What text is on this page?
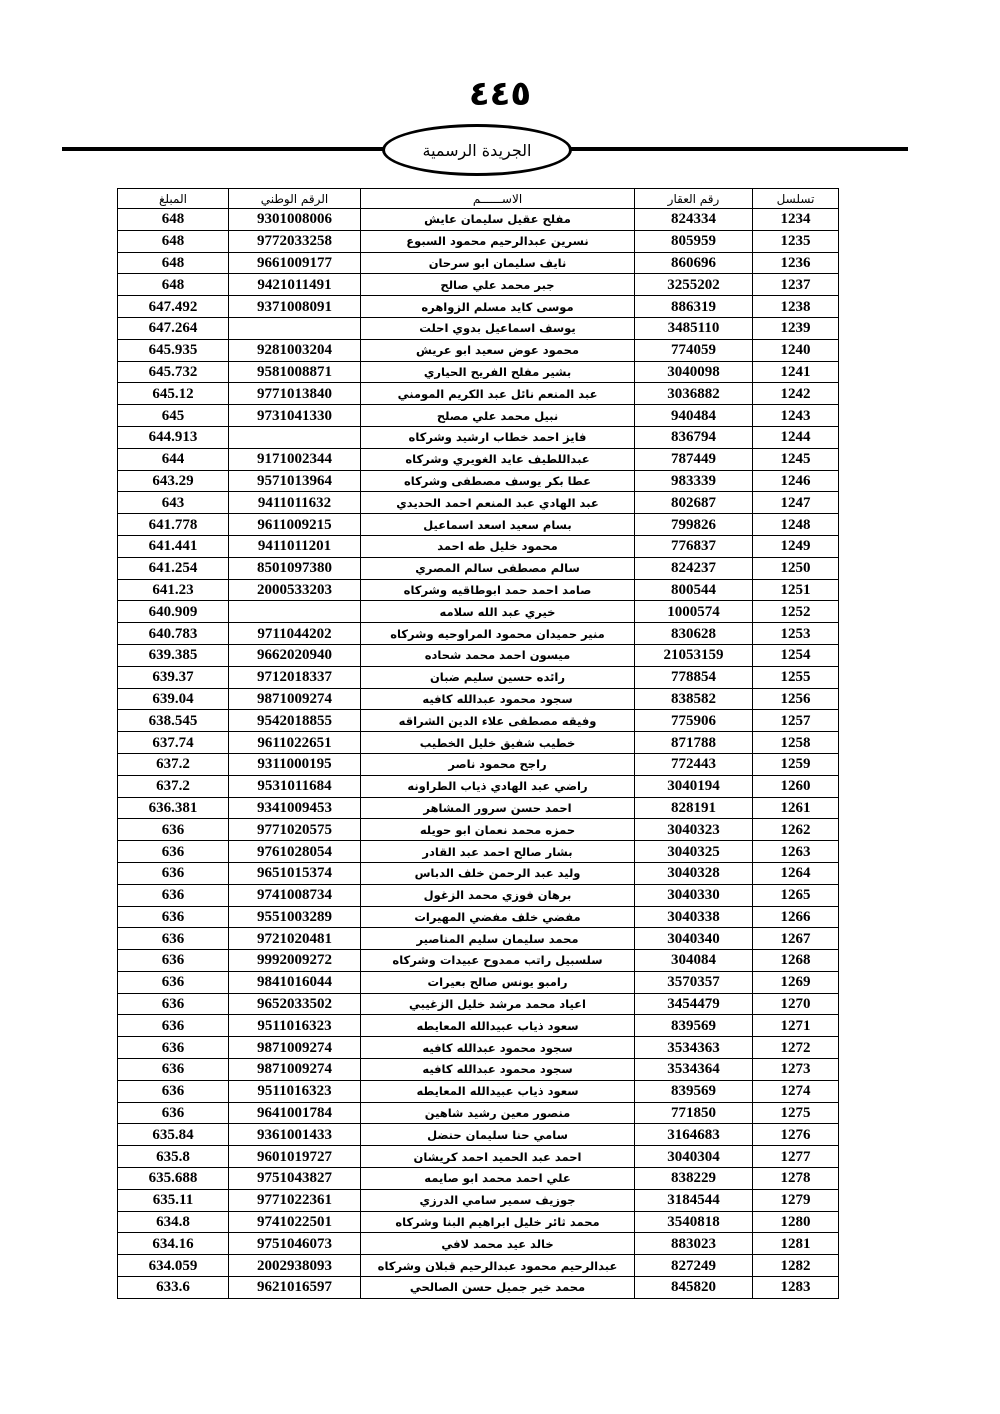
٤٤٥
الجريدة الرسمية
تسلسل	رقم العقار	الاســــــم	الرقم الوطني	المبلغ
1234	824334	مفلح عقيل سليمان عايش	9301008006	648
1235	805959	نسرين عبدالرحيم محمود السبوع	9772033258	648
1236	860696	نايف سليمان ابو سرحان	9661009177	648
1237	3255202	جبر محمد علي صالح	9421011491	648
1238	886319	موسى كايد مسلم الزواهره	9371008091	647.492
1239	3485110	يوسف اسماعيل بدوي احلت		647.264
1240	774059	محمود عوض سعيد ابو عريش	9281003204	645.935
1241	3040098	بشير مفلح الفريح الحياري	9581008871	645.732
1242	3036882	عبد المنعم نائل عبد الكريم المومني	9771013840	645.12
1243	940484	نبيل محمد علي مصلح	9731041330	645
1244	836794	فايز احمد خطاب ارشيد وشركاه		644.913
1245	787449	عبداللطيف عايد الغويري وشركاه	9171002344	644
1246	983339	عطا بكر يوسف مصطفى وشركاه	9571013964	643.29
1247	802687	عبد الهادي عبد المنعم احمد الحديدي	9411011632	643
1248	799826	بسام سعيد اسعد اسماعيل	9611009215	641.778
1249	776837	محمود خليل طه احمد	9411011201	641.441
1250	824237	سالم مصطفى سالم المصري	8501097380	641.254
1251	800544	صامد احمد حمد ابوطاقيه وشركاه	2000533203	641.23
1252	1000574	خيري عبد الله سلامه		640.909
1253	830628	منير حميدان محمود المراوحيه وشركاه	9711044202	640.783
1254	21053159	ميسون احمد محمد شحاده	9662020940	639.385
1255	778854	رائده حسين سليم ضبان	9712018337	639.37
1256	838582	سجود محمود عبدالله كافيه	9871009274	639.04
1257	775906	وفيقه مصطفى علاء الدين الشراقه	9542018855	638.545
1258	871788	خطيب شفيق خليل الخطيب	9611022651	637.74
1259	772443	راجح محمود ناصر	9311000195	637.2
1260	3040194	راضي عبد الهادي ذياب الطراونه	9531011684	637.2
1261	828191	احمد حسن سرور المشاهر	9341009453	636.381
1262	3040323	حمزه محمد نعمان ابو حويله	9771020575	636
1263	3040325	بشار صالح احمد عبد القادر	9761028054	636
1264	3040328	وليد عبد الرحمن خلف الدباس	9651015374	636
1265	3040330	برهان فوزي محمد الزغول	9741008734	636
1266	3040338	مفضي خلف مفضي المهيرات	9551003289	636
1267	3040340	محمد سليمان سليم المناصير	9721020481	636
1268	304084	سلسبيل راتب ممدوح عبيدات وشركاه	9992009272	636
1269	3570357	رامبو يونس صالح بعيرات	9841016044	636
1270	3454479	اعياد محمد مرشد خليل الزغيبي	9652033502	636
1271	839569	سعود ذياب عبيدالله المعايطه	9511016323	636
1272	3534363	سجود محمود عبدالله كافيه	9871009274	636
1273	3534364	سجود محمود عبدالله كافيه	9871009274	636
1274	839569	سعود ذياب عبيدالله المعايطه	9511016323	636
1275	771850	منصور معين رشيد شاهين	9641001784	636
1276	3164683	سامي حنا سليمان حنضل	9361001433	635.84
1277	3040304	احمد عبد الحميد احمد كريشان	9601019727	635.8
1278	838229	علي احمد محمد ابو صايمه	9751043827	635.688
1279	3184544	جوزيف سمير سامي الدرزي	9771022361	635.11
1280	3540818	محمد ثائر خليل ابراهيم البنا وشركاه	9741022501	634.8
1281	883023	خالد عيد محمد لافي	9751046073	634.16
1282	827249	عبدالرحيم محمود عبدالرحيم قبلان وشركاه	2002938093	634.059
1283	845820	محمد خير جميل حسن الصالحي	9621016597	633.6
